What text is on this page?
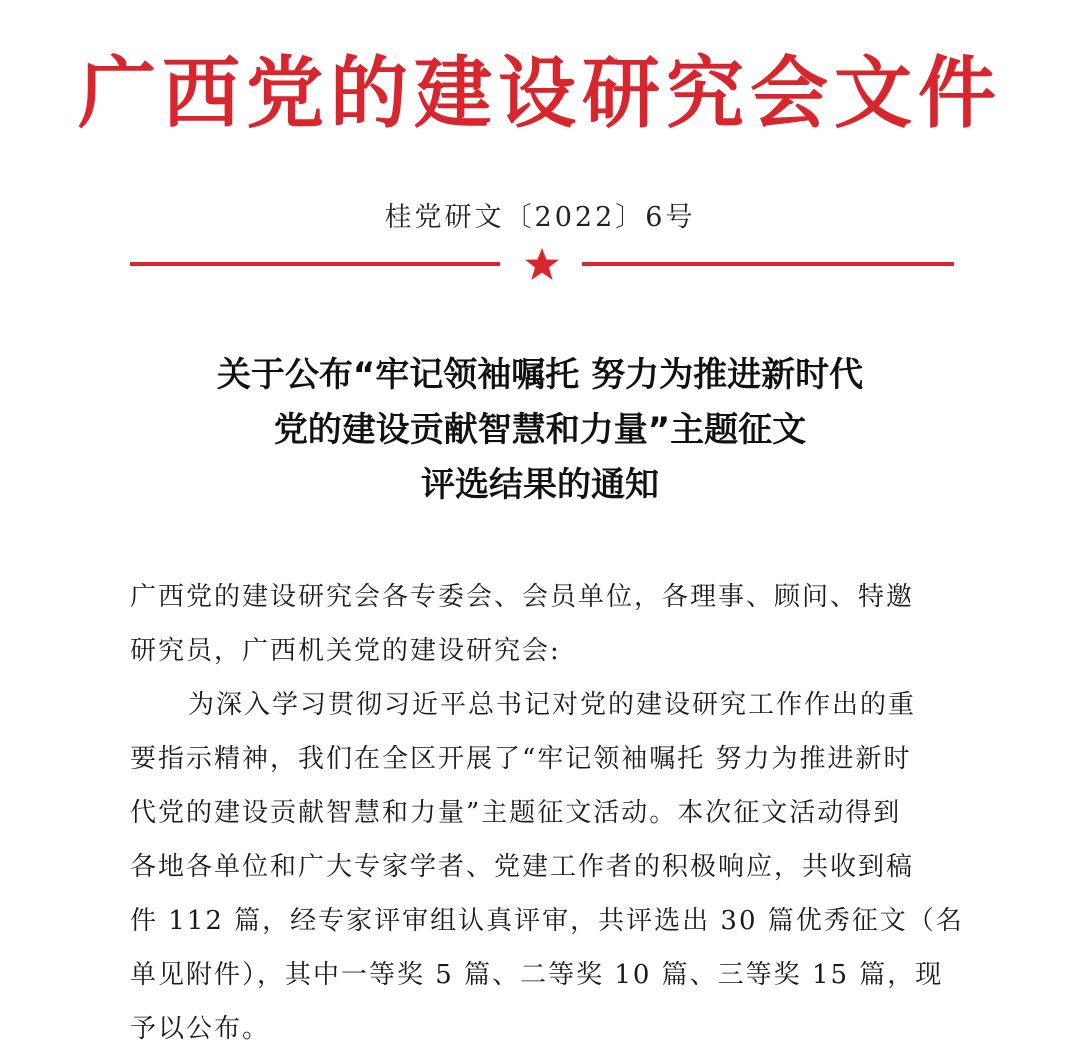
广西党的建设研究会文件
桂党研文〔2022〕6号
关于公布“牢记领袖嘱托 努力为推进新时代
党的建设贡献智慧和力量”主题征文
评选结果的通知
广西党的建设研究会各专委会、会员单位，各理事、顾问、特邀
研究员，广西机关党的建设研究会:
为深入学习贯彻习近平总书记对党的建设研究工作作出的重
要指示精神，我们在全区开展了“牢记领袖嘱托 努力为推进新时
代党的建设贡献智慧和力量”主题征文活动。本次征文活动得到
各地各单位和广大专家学者、党建工作者的积极响应，共收到稿
件 112 篇，经专家评审组认真评审，共评选出 30 篇优秀征文（名
单见附件），其中一等奖 5 篇、二等奖 10 篇、三等奖 15 篇，现
予以公布。
